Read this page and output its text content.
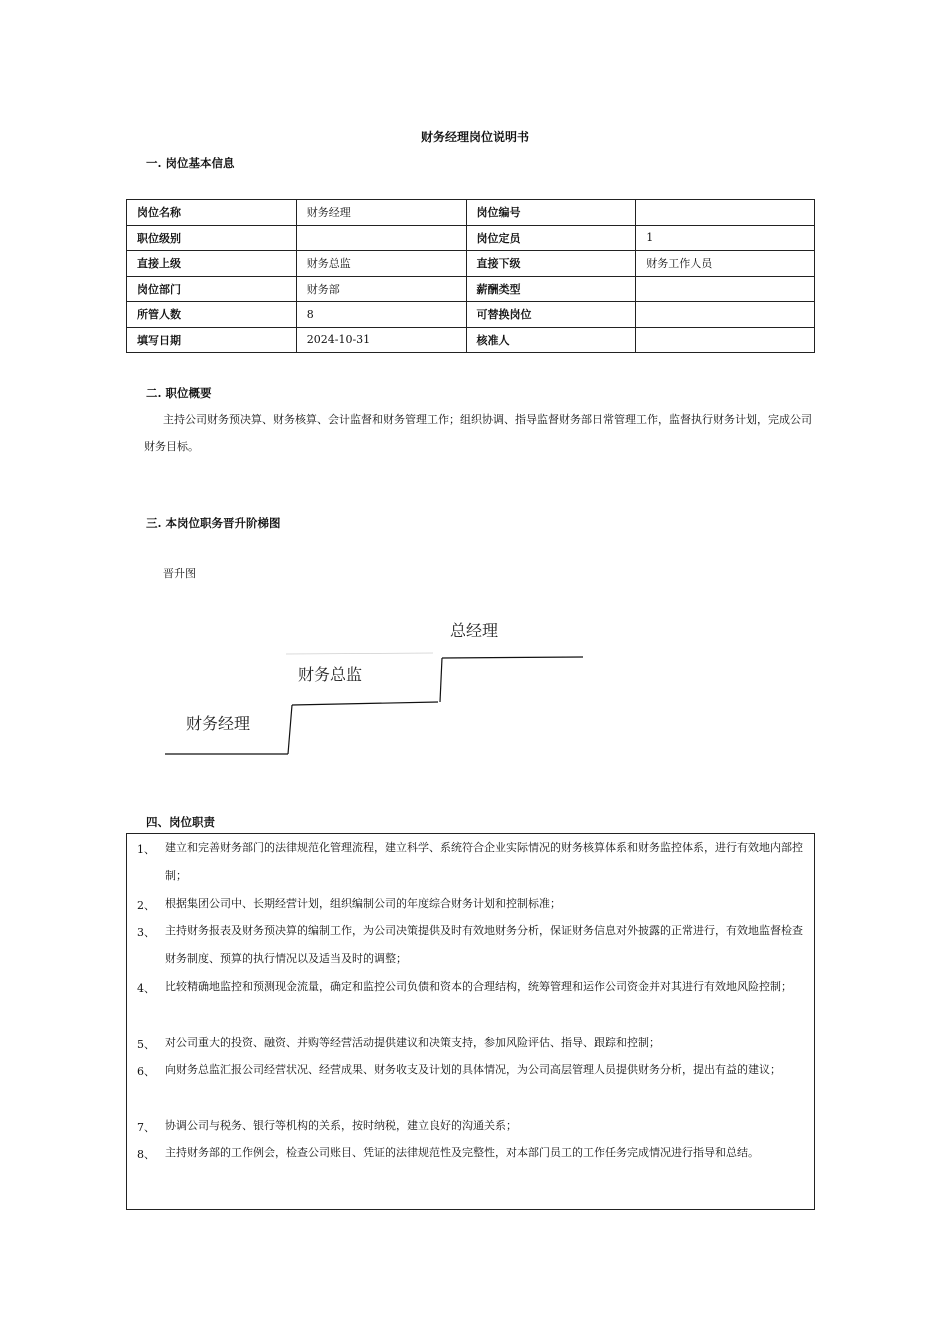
财务经理岗位说明书
一. 岗位基本信息
岗位名称	财务经理	岗位编号	
职位级别		岗位定员	1
直接上级	财务总监	直接下级	财务工作人员
岗位部门	财务部	薪酬类型	
所管人数	8	可替换岗位	
填写日期	2024-10-31	核准人	
二. 职位概要
主持公司财务预决算、财务核算、会计监督和财务管理工作；组织协调、指导监督财务部日常管理工作，监督执行财务计划，完成公司财务目标。
三. 本岗位职务晋升阶梯图
晋升图
财务经理
财务总监
总经理
四、岗位职责
1、 建立和完善财务部门的法律规范化管理流程，建立科学、系统符合企业实际情况的财务核算体系和财务监控体系，进行有效地内部控制；
2、 根据集团公司中、长期经营计划，组织编制公司的年度综合财务计划和控制标准；
3、 主持财务报表及财务预决算的编制工作，为公司决策提供及时有效地财务分析，保证财务信息对外披露的正常进行，有效地监督检查财务制度、预算的执行情况以及适当及时的调整；
4、 比较精确地监控和预测现金流量，确定和监控公司负债和资本的合理结构，统筹管理和运作公司资金并对其进行有效地风险控制；
5、 对公司重大的投资、融资、并购等经营活动提供建议和决策支持，参加风险评估、指导、跟踪和控制；
6、 向财务总监汇报公司经营状况、经营成果、财务收支及计划的具体情况，为公司高层管理人员提供财务分析，提出有益的建议；
7、 协调公司与税务、银行等机构的关系，按时纳税，建立良好的沟通关系；
8、 主持财务部的工作例会，检查公司账目、凭证的法律规范性及完整性，对本部门员工的工作任务完成情况进行指导和总结。
